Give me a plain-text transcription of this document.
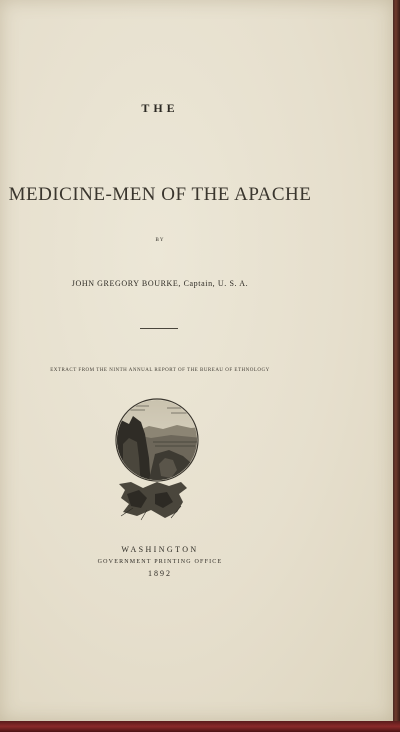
THE
MEDICINE-MEN OF THE APACHE
BY
JOHN GREGORY BOURKE, Captain, U. S. A.
EXTRACT FROM THE NINTH ANNUAL REPORT OF THE BUREAU OF ETHNOLOGY
WASHINGTON
GOVERNMENT PRINTING OFFICE
1892
